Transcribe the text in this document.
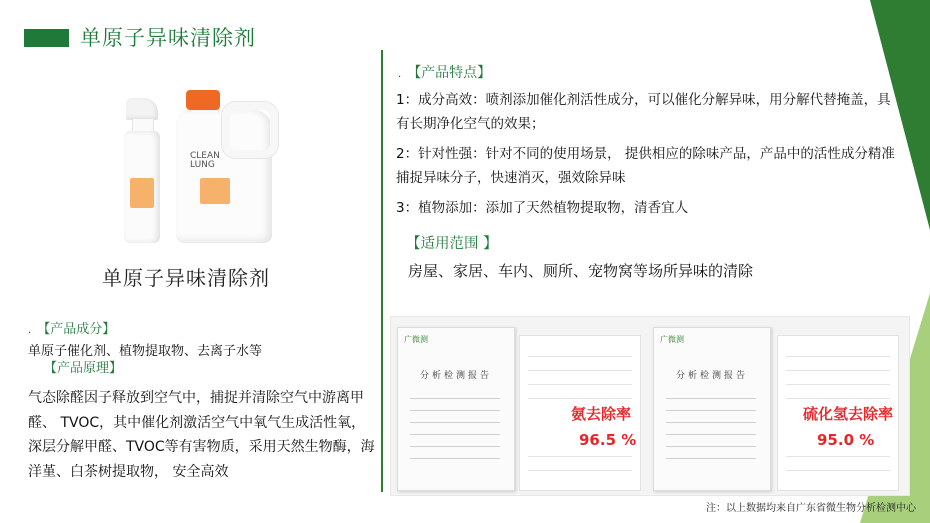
单原子异味清除剂
CLEAN
LUNG
单原子异味清除剂
. 【产品成分】
单原子催化剂、植物提取物、去离子水等
【产品原理】
气态除醛因子释放到空气中，捕捉并清除空气中游离甲醛、 TVOC，其中催化剂激活空气中氧气生成活性氧， 深层分解甲醛、TVOC等有害物质，采用天然生物酶，海洋堇、白茶树提取物， 安全高效
. 【产品特点】

1：成分高效：喷剂添加催化剂活性成分，可以催化分解异味，用分解代替掩盖，具有长期净化空气的效果；

2：针对性强：针对不同的使用场景， 提供相应的除味产品，产品中的活性成分精准捕捉异味分子，快速消灭，强效除异味

3：植物添加：添加了天然植物提取物，清香宜人

【适用范围 】
房屋、家居、车内、厕所、宠物窝等场所异味的清除
广微测
分析检测报告
氨去除率
96.5 %
广微测
分析检测报告
硫化氢去除率
95.0 %
注：以上数据均来自广东省微生物分析检测中心
